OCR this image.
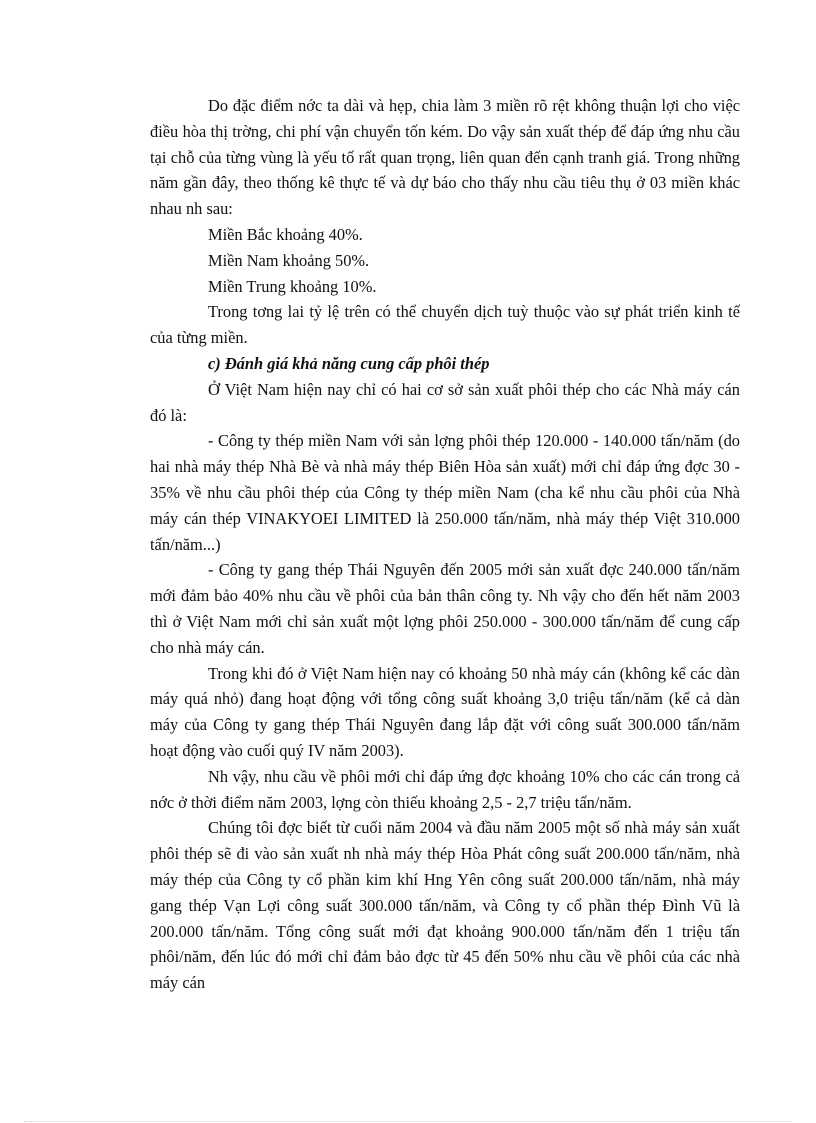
Do đặc điểm nớc ta dài và hẹp, chia làm 3 miền rõ rệt không thuận lợi cho việc điều hòa thị trờng, chi phí vận chuyển tốn kém. Do vậy sản xuất thép để đáp ứng nhu cầu tại chỗ của từng vùng là yếu tố rất quan trọng, liên quan đến cạnh tranh giá. Trong những năm gần đây, theo thống kê thực tế và dự báo cho thấy nhu cầu tiêu thụ ở 03 miền khác nhau nh sau:

Miền Bắc khoảng 40%.

Miền Nam khoảng 50%.

Miền Trung khoảng 10%.

Trong tơng lai tỷ lệ trên có thể chuyển dịch tuỳ thuộc vào sự phát triển kinh tế của từng miền.

c) Đánh giá khả năng cung cấp phôi thép

Ở Việt Nam hiện nay chỉ có hai cơ sở sản xuất phôi thép cho các Nhà máy cán đó là:

- Công ty thép miền Nam với sản lợng phôi thép 120.000 - 140.000 tấn/năm (do hai nhà máy thép Nhà Bè và nhà máy thép Biên Hòa sản xuất) mới chỉ đáp ứng đợc 30 - 35% về nhu cầu phôi thép của Công ty thép miền Nam (cha kể nhu cầu phôi của Nhà máy cán thép VINAKYOEI LIMITED là 250.000 tấn/năm, nhà máy thép Việt 310.000 tấn/năm...)

- Công ty gang thép Thái Nguyên đến 2005 mới sản xuất đợc 240.000 tấn/năm mới đảm bảo 40% nhu cầu về phôi của bản thân công ty. Nh vậy cho đến hết năm 2003 thì ở Việt Nam mới chỉ sản xuất một lợng phôi 250.000 - 300.000 tấn/năm để cung cấp cho nhà máy cán.

Trong khi đó ở Việt Nam hiện nay có khoảng 50 nhà máy cán (không kể các dàn máy quá nhỏ) đang hoạt động với tổng công suất khoảng 3,0 triệu tấn/năm (kể cả dàn máy của Công ty gang thép Thái Nguyên đang lắp đặt với công suất 300.000 tấn/năm hoạt động vào cuối quý IV năm 2003).

Nh vậy, nhu cầu về phôi mới chỉ đáp ứng đợc khoảng 10% cho các cán trong cả nớc ở thời điểm năm 2003, lợng còn thiếu khoảng 2,5 - 2,7 triệu tấn/năm.

Chúng tôi đợc biết từ cuối năm 2004 và đầu năm 2005 một số nhà máy sản xuất phôi thép sẽ đi vào sản xuất nh nhà máy thép Hòa Phát công suất 200.000 tấn/năm, nhà máy thép của Công ty cổ phần kim khí Hng Yên công suất 200.000 tấn/năm, nhà máy gang thép Vạn Lợi công suất 300.000 tấn/năm, và Công ty cổ phần thép Đình Vũ là 200.000 tấn/năm. Tổng công suất mới đạt khoảng 900.000 tấn/năm đến 1 triệu tấn phôi/năm, đến lúc đó mới chỉ đảm bảo đợc từ 45 đến 50% nhu cầu về phôi của các nhà máy cán
